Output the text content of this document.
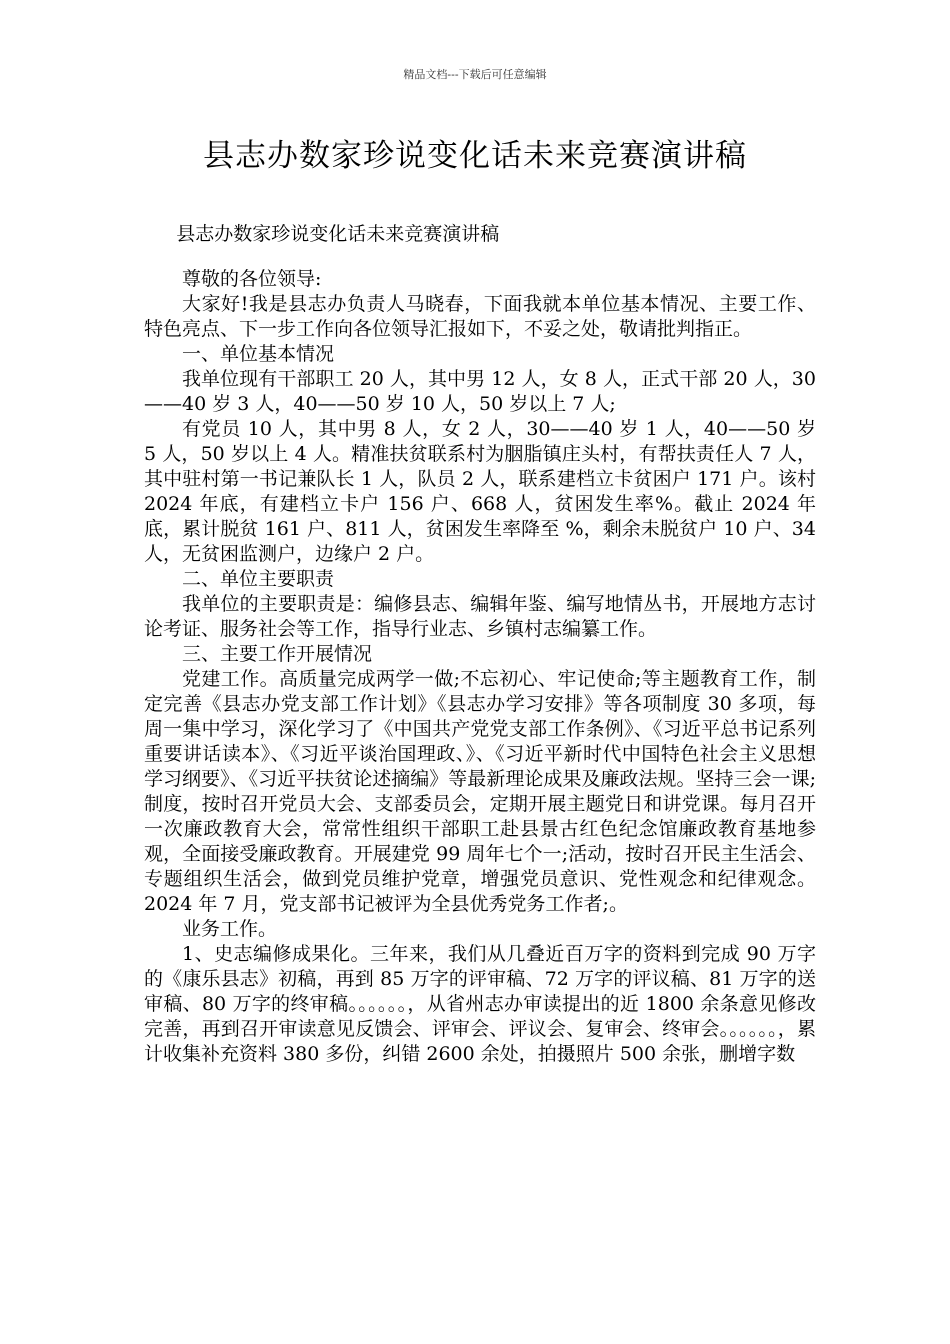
精品文档---下载后可任意编辑
县志办数家珍说变化话未来竞赛演讲稿

县志办数家珍说变化话未来竞赛演讲稿

尊敬的各位领导:

大家好!我是县志办负责人马晓春，下面我就本单位基本情况、主要工作、特色亮点、下一步工作向各位领导汇报如下，不妥之处，敬请批判指正。

一、单位基本情况

我单位现有干部职工 20 人，其中男 12 人，女 8 人，正式干部 20 人，30——40 岁 3 人，40——50 岁 10 人，50 岁以上 7 人;

有党员 10 人，其中男 8 人，女 2 人，30——40 岁 1 人，40——50 岁 5 人，50 岁以上 4 人。精准扶贫联系村为胭脂镇庄头村，有帮扶责任人 7 人，其中驻村第一书记兼队长 1 人，队员 2 人，联系建档立卡贫困户 171 户。该村 2024 年底，有建档立卡户 156 户、668 人，贫困发生率%。截止 2024 年底，累计脱贫 161 户、811 人，贫困发生率降至 %，剩余未脱贫户 10 户、34 人，无贫困监测户，边缘户 2 户。

二、单位主要职责

我单位的主要职责是：编修县志、编辑年鉴、编写地情丛书，开展地方志讨论考证、服务社会等工作，指导行业志、乡镇村志编纂工作。

三、主要工作开展情况

党建工作。高质量完成两学一做;不忘初心、牢记使命;等主题教育工作，制定完善《县志办党支部工作计划》《县志办学习安排》等各项制度 30 多项，每周一集中学习，深化学习了《中国共产党党支部工作条例》、《习近平总书记系列重要讲话读本》、《习近平谈治国理政、》、《习近平新时代中国特色社会主义思想学习纲要》、《习近平扶贫论述摘编》等最新理论成果及廉政法规。坚持三会一课;制度，按时召开党员大会、支部委员会，定期开展主题党日和讲党课。每月召开一次廉政教育大会，常常性组织干部职工赴县景古红色纪念馆廉政教育基地参观，全面接受廉政教育。开展建党 99 周年七个一;活动，按时召开民主生活会、专题组织生活会，做到党员维护党章，增强党员意识、党性观念和纪律观念。2024 年 7 月，党支部书记被评为全县优秀党务工作者;。

业务工作。

1、史志编修成果化。三年来，我们从几叠近百万字的资料到完成 90 万字的《康乐县志》初稿，再到 85 万字的评审稿、72 万字的评议稿、81 万字的送审稿、80 万字的终审稿。。。。。。，从省州志办审读提出的近 1800 余条意见修改完善，再到召开审读意见反馈会、评审会、评议会、复审会、终审会。。。。。。，累计收集补充资料 380 多份，纠错 2600 余处，拍摄照片 500 余张，删增字数
